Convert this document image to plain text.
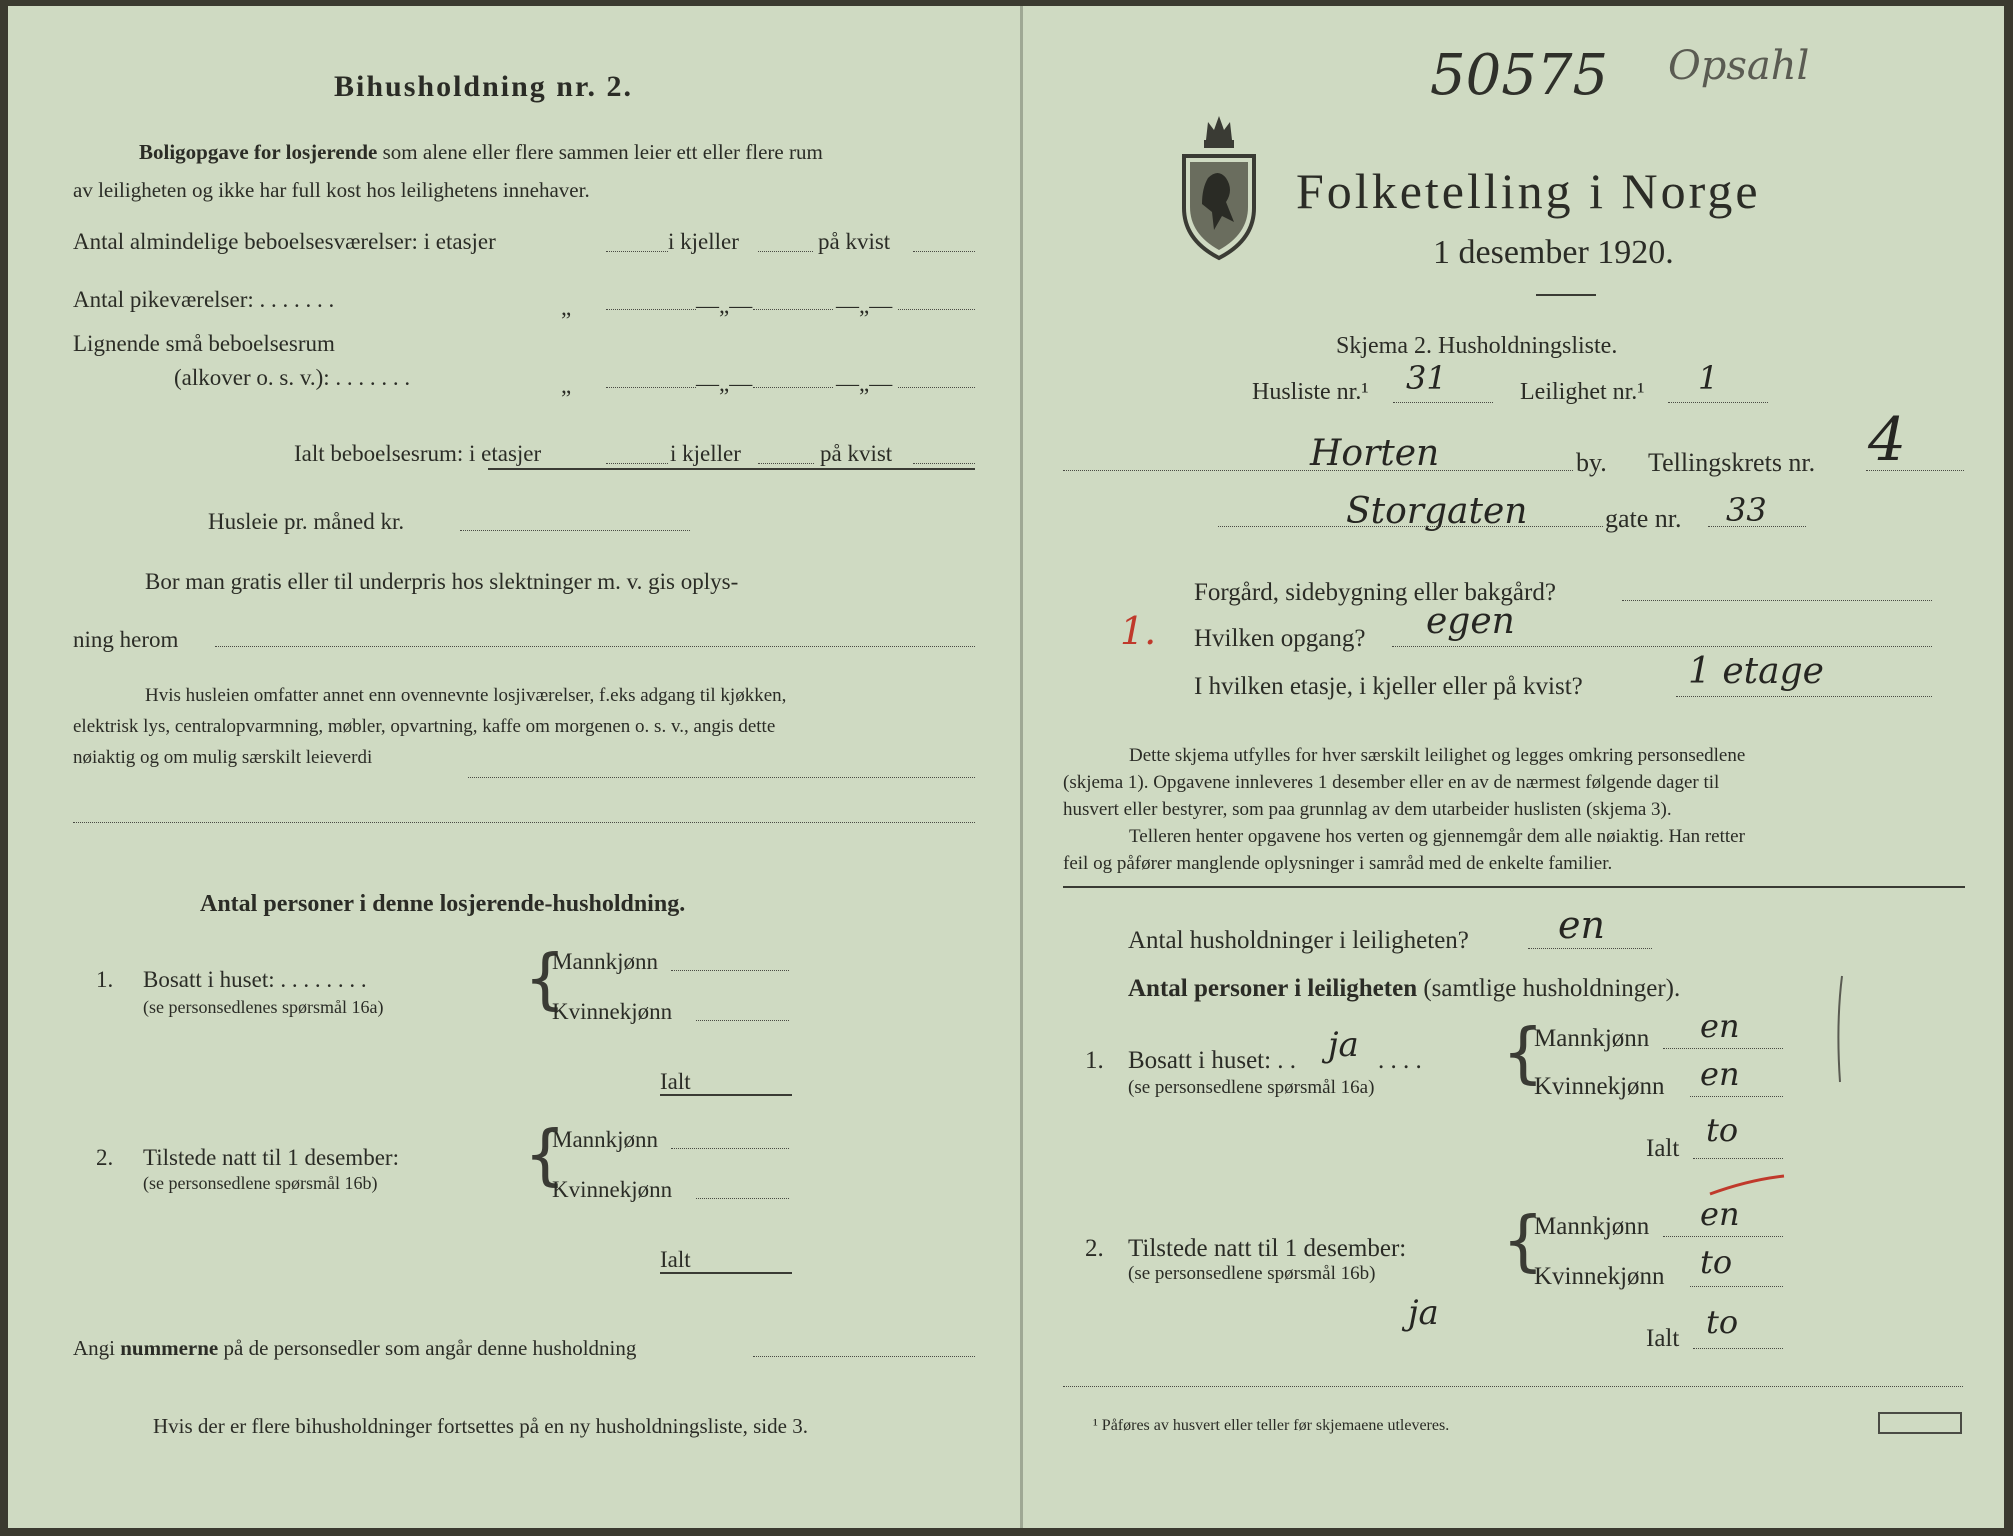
Bihusholdning nr. 2.
Boligopgave for losjerende som alene eller flere sammen leier ett eller flere rum
av leiligheten og ikke har full kost hos leilighetens innehaver.
Antal almindelige beboelsesværelser: i etasjer	i kjeller	på kvist
Antal pikeværelser: . . . . . . .	„	—„—	—„—
Lignende små beboelsesrum
(alkover o. s. v.): . . . . . . .	„	—„—	—„—
Ialt beboelsesrum: i etasjer	i kjeller	på kvist
Husleie pr. måned kr.
Bor man gratis eller til underpris hos slektninger m. v. gis oplys-
ning herom
Hvis husleien omfatter annet enn ovennevnte losjiværelser, f.eks adgang til kjøkken,
elektrisk lys, centralopvarmning, møbler, opvartning, kaffe om morgenen o. s. v., angis dette
nøiaktig og om mulig særskilt leieverdi
Antal personer i denne losjerende-husholdning.
1. Bosatt i huset: . . . . . . . .
(se personsedlenes spørsmål 16a) {
Mannkjønn
Kvinnekjønn
Ialt
2. Tilstede natt til 1 desember:
(se personsedlene spørsmål 16b) {
Mannkjønn
Kvinnekjønn
Ialt
Angi nummerne på de personsedler som angår denne husholdning
Hvis der er flere bihusholdninger fortsettes på en ny husholdningsliste, side 3.
50575 Opsahl
Folketelling i Norge
1 desember 1920.
Skjema 2. Husholdningsliste.
Husliste nr.¹ 31	Leilighet nr.¹ 1
Horten	by. Tellingskrets nr. 4
Storgaten	gate nr. 33
Forgård, sidebygning eller bakgård?
1. Hvilken opgang? egen
I hvilken etasje, i kjeller eller på kvist?	1 etage
Dette skjema utfylles for hver særskilt leilighet og legges omkring personsedlene
(skjema 1). Opgavene innleveres 1 desember eller en av de nærmest følgende dager til
husvert eller bestyrer, som paa grunnlag av dem utarbeider huslisten (skjema 3).
Telleren henter opgavene hos verten og gjennemgår dem alle nøiaktig. Han retter
feil og påfører manglende oplysninger i samråd med de enkelte familier.
Antal husholdninger i leiligheten? en
Antal personer i leiligheten (samtlige husholdninger).
1. Bosatt i huset: . . ja . . . .
(se personsedlene spørsmål 16a) {
Mannkjønn en
Kvinnekjønn en
Ialt to
2. Tilstede natt til 1 desember:
(se personsedlene spørsmål 16b)
ja
{
Mannkjønn en
Kvinnekjønn to
Ialt to
¹ Påføres av husvert eller teller før skjemaene utleveres.
